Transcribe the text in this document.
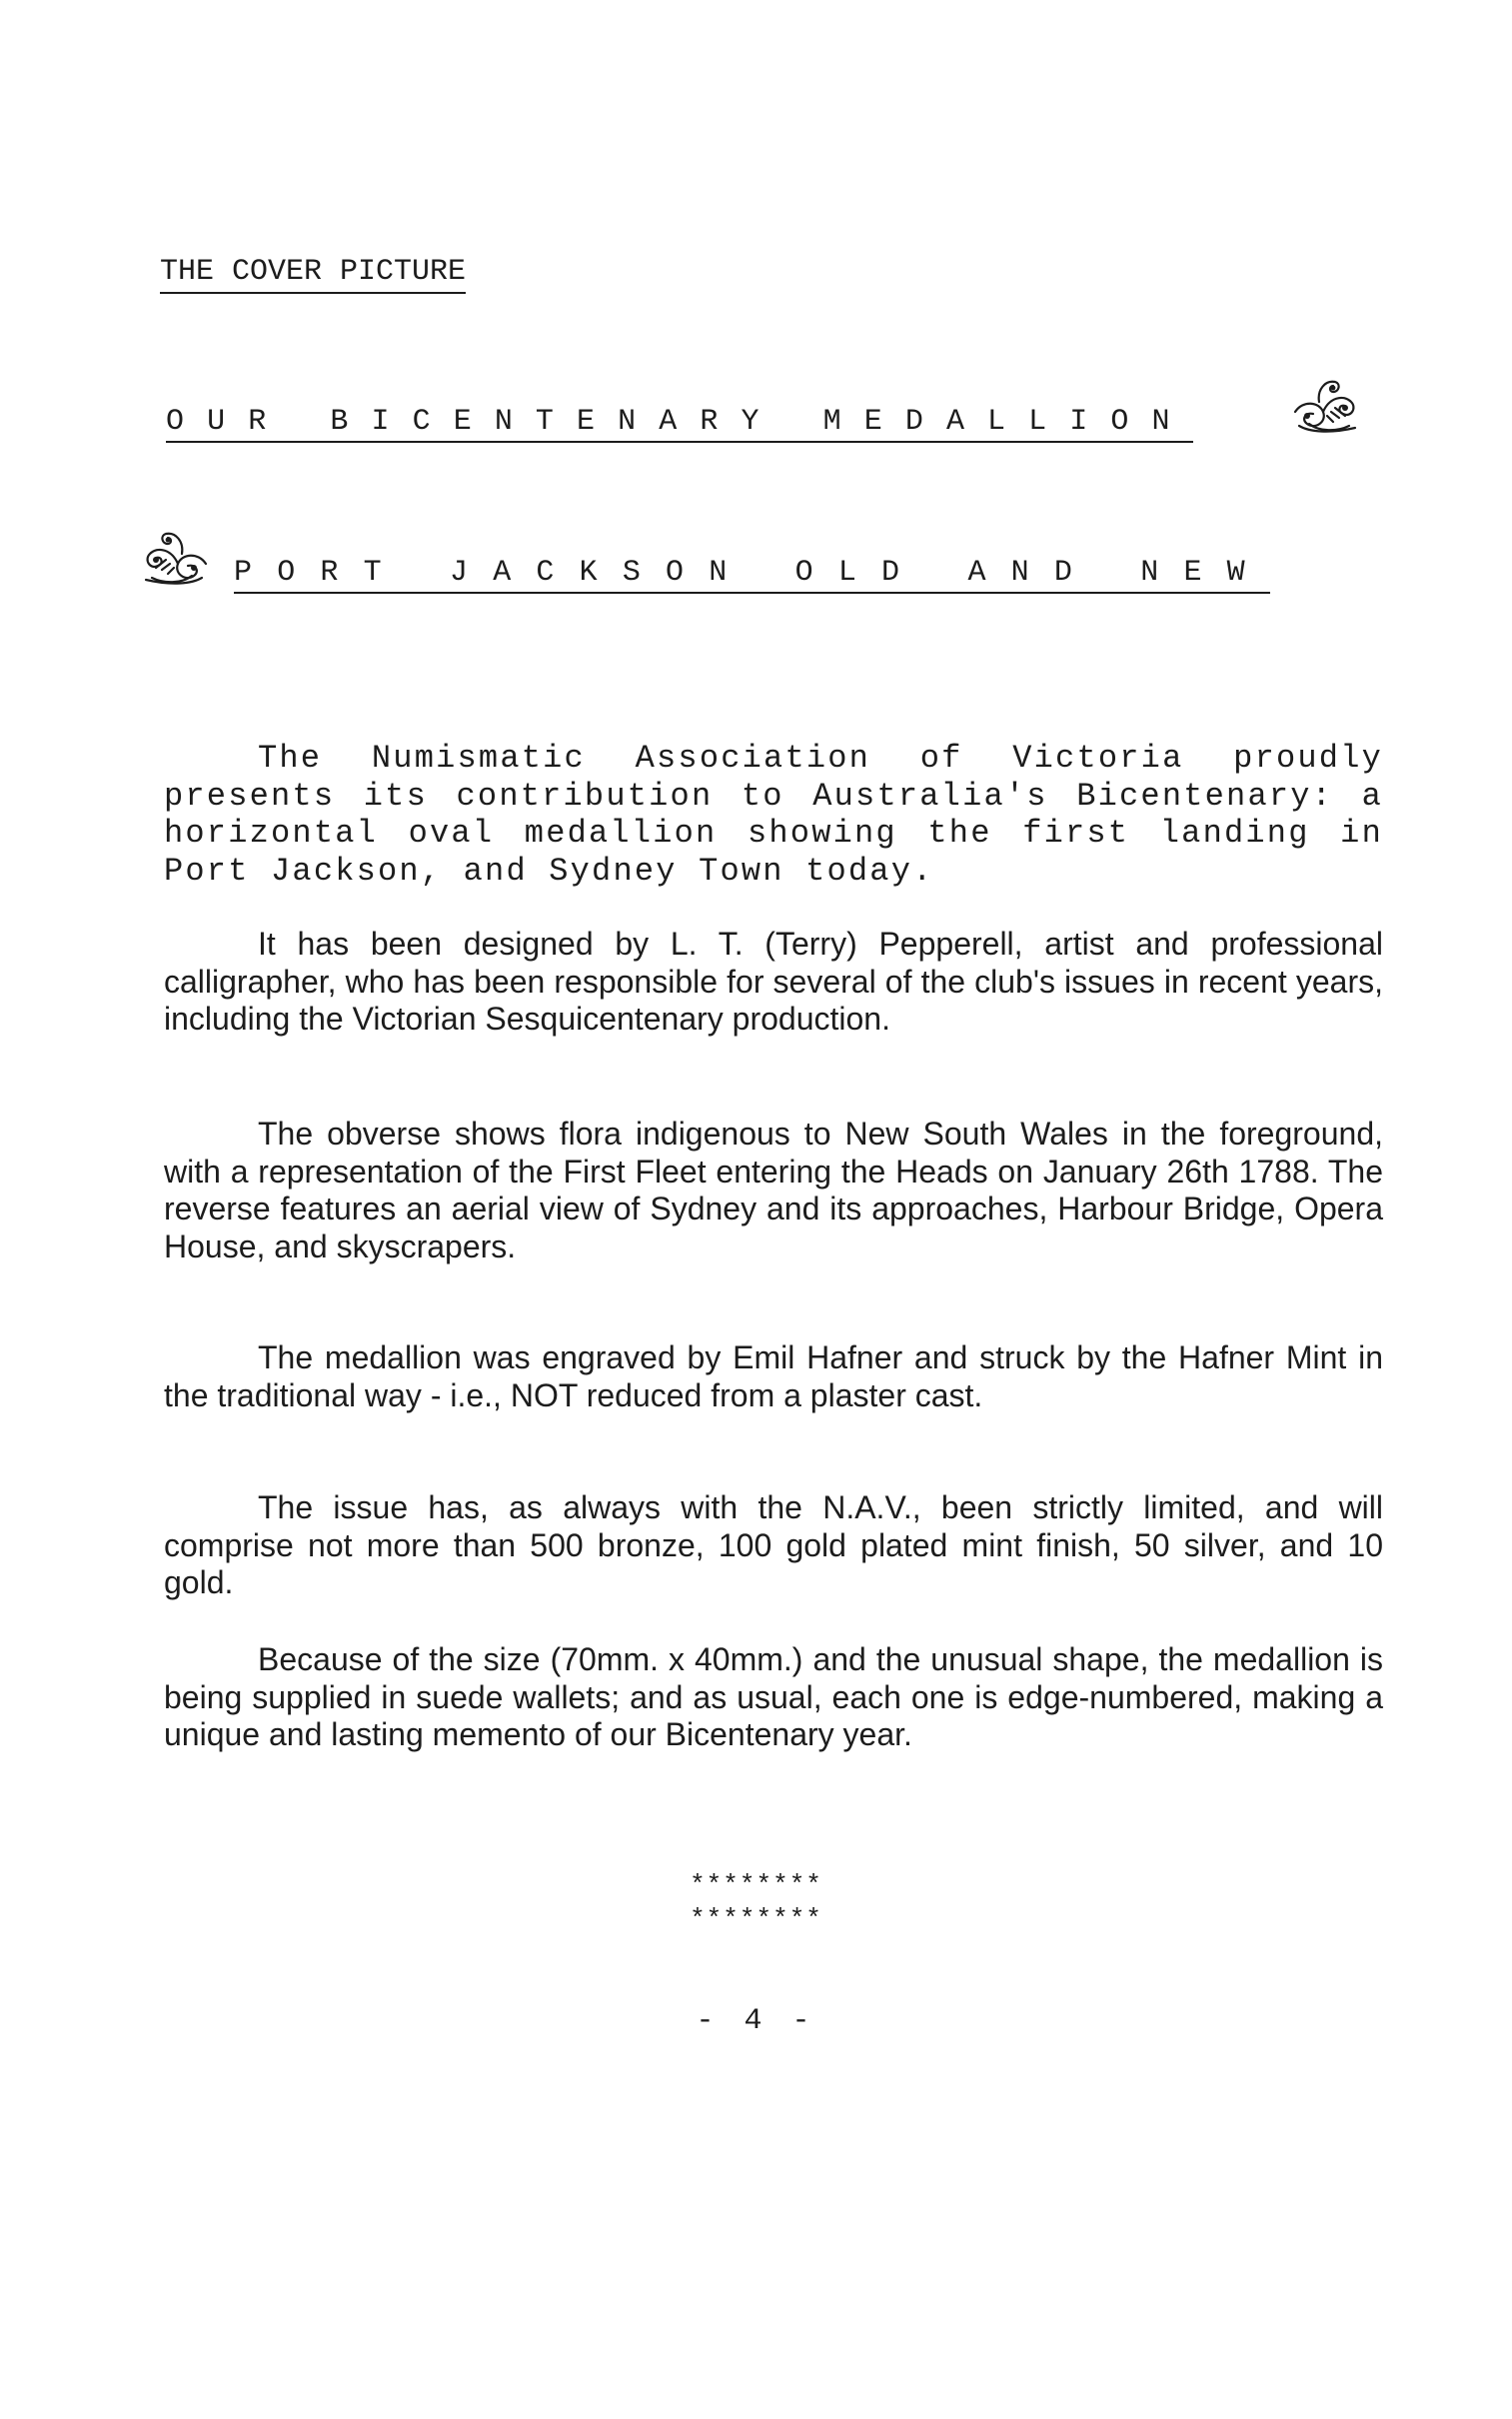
THE COVER PICTURE
OUR BICENTENARY MEDALLION
PORT JACKSON OLD AND NEW

The Numismatic Association of Victoria proudly presents its contribution to Australia's Bicentenary: a horizontal oval medallion showing the first landing in Port Jackson, and Sydney Town today.

It has been designed by L. T. (Terry) Pepperell, artist and professional calligrapher, who has been responsible for several of the club's issues in recent years, including the Victorian Sesquicentenary production.

The obverse shows flora indigenous to New South Wales in the foreground, with a representation of the First Fleet entering the Heads on January 26th 1788. The reverse features an aerial view of Sydney and its approaches, Harbour Bridge, Opera House, and skyscrapers.

The medallion was engraved by Emil Hafner and struck by the Hafner Mint in the traditional way - i.e., NOT reduced from a plaster cast.

The issue has, as always with the N.A.V., been strictly limited, and will comprise not more than 500 bronze, 100 gold plated mint finish, 50 silver, and 10 gold.

Because of the size (70mm. x 40mm.) and the unusual shape, the medallion is being supplied in suede wallets; and as usual, each one is edge-numbered, making a unique and lasting memento of our Bicentenary year.

********
********
- 4 -
